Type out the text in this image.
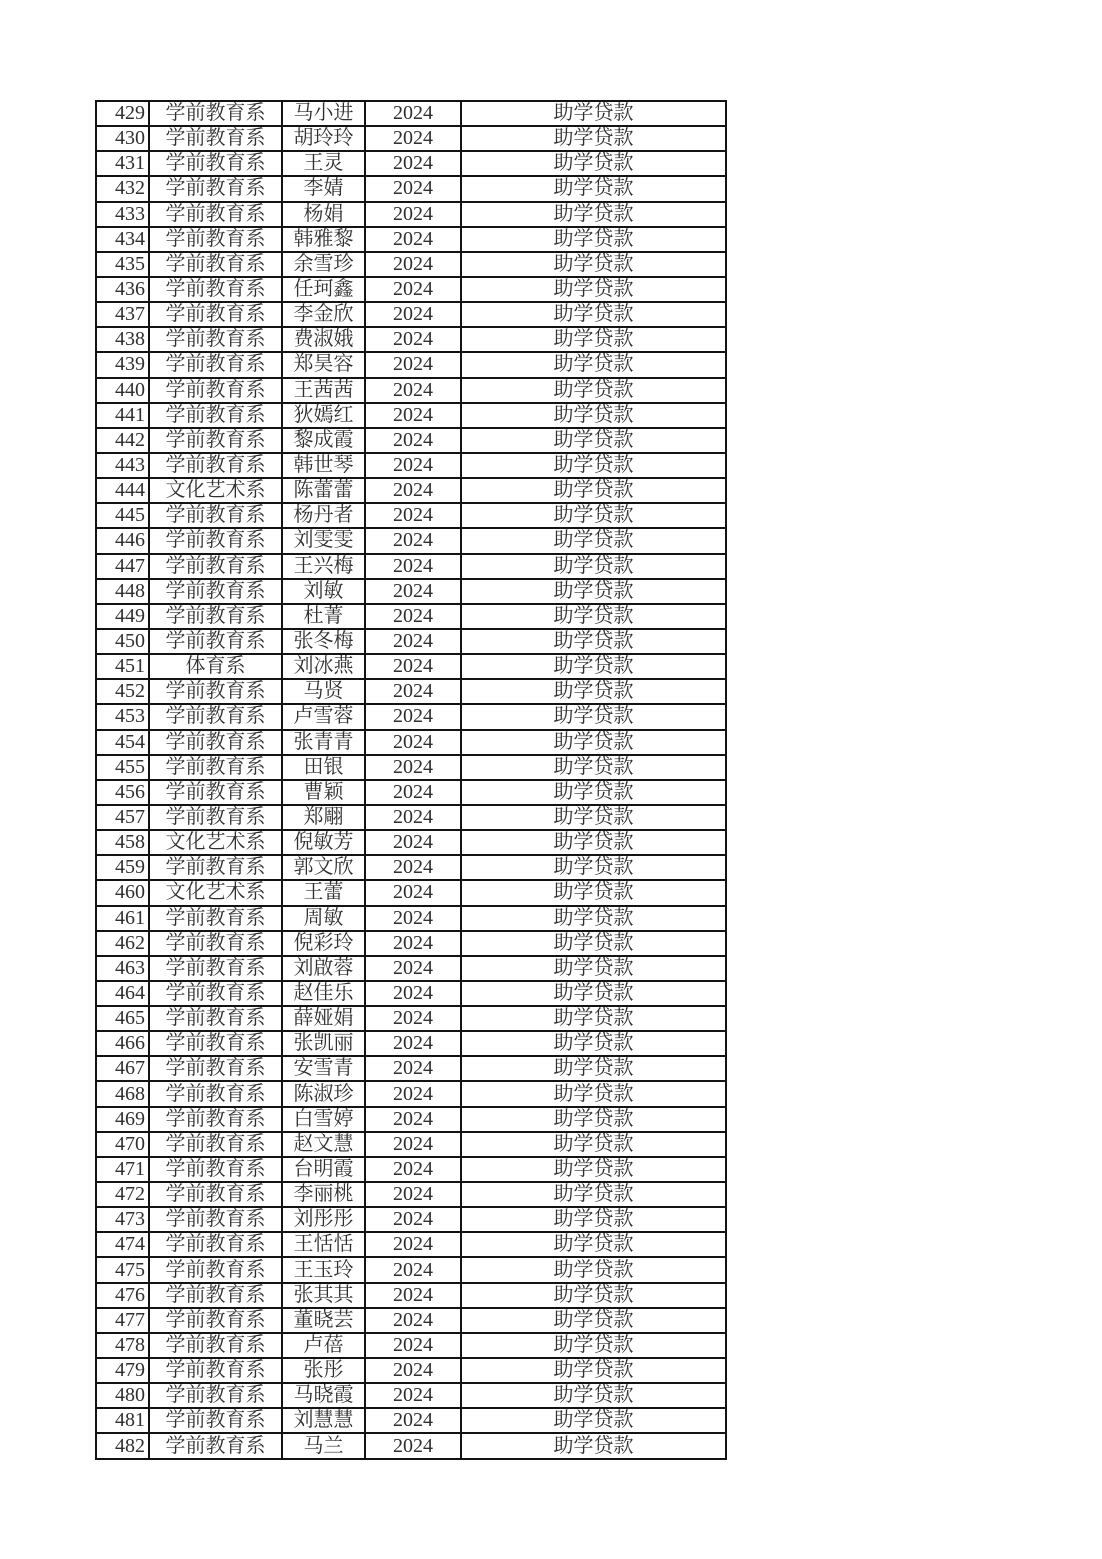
429	学前教育系	马小进	2024	助学贷款
430	学前教育系	胡玲玲	2024	助学贷款
431	学前教育系	王灵	2024	助学贷款
432	学前教育系	李婧	2024	助学贷款
433	学前教育系	杨娟	2024	助学贷款
434	学前教育系	韩雅黎	2024	助学贷款
435	学前教育系	余雪珍	2024	助学贷款
436	学前教育系	任珂鑫	2024	助学贷款
437	学前教育系	李金欣	2024	助学贷款
438	学前教育系	费淑娥	2024	助学贷款
439	学前教育系	郑昊容	2024	助学贷款
440	学前教育系	王茜茜	2024	助学贷款
441	学前教育系	狄嫣红	2024	助学贷款
442	学前教育系	黎成霞	2024	助学贷款
443	学前教育系	韩世琴	2024	助学贷款
444	文化艺术系	陈蕾蕾	2024	助学贷款
445	学前教育系	杨丹者	2024	助学贷款
446	学前教育系	刘雯雯	2024	助学贷款
447	学前教育系	王兴梅	2024	助学贷款
448	学前教育系	刘敏	2024	助学贷款
449	学前教育系	杜菁	2024	助学贷款
450	学前教育系	张冬梅	2024	助学贷款
451	体育系	刘冰燕	2024	助学贷款
452	学前教育系	马贤	2024	助学贷款
453	学前教育系	卢雪蓉	2024	助学贷款
454	学前教育系	张青青	2024	助学贷款
455	学前教育系	田银	2024	助学贷款
456	学前教育系	曹颖	2024	助学贷款
457	学前教育系	郑翢	2024	助学贷款
458	文化艺术系	倪敏芳	2024	助学贷款
459	学前教育系	郭文欣	2024	助学贷款
460	文化艺术系	王蕾	2024	助学贷款
461	学前教育系	周敏	2024	助学贷款
462	学前教育系	倪彩玲	2024	助学贷款
463	学前教育系	刘啟蓉	2024	助学贷款
464	学前教育系	赵佳乐	2024	助学贷款
465	学前教育系	薛娅娟	2024	助学贷款
466	学前教育系	张凯丽	2024	助学贷款
467	学前教育系	安雪青	2024	助学贷款
468	学前教育系	陈淑珍	2024	助学贷款
469	学前教育系	白雪婷	2024	助学贷款
470	学前教育系	赵文慧	2024	助学贷款
471	学前教育系	台明霞	2024	助学贷款
472	学前教育系	李丽桃	2024	助学贷款
473	学前教育系	刘彤彤	2024	助学贷款
474	学前教育系	王恬恬	2024	助学贷款
475	学前教育系	王玉玲	2024	助学贷款
476	学前教育系	张其其	2024	助学贷款
477	学前教育系	董晓芸	2024	助学贷款
478	学前教育系	卢蓓	2024	助学贷款
479	学前教育系	张彤	2024	助学贷款
480	学前教育系	马晓霞	2024	助学贷款
481	学前教育系	刘慧慧	2024	助学贷款
482	学前教育系	马兰	2024	助学贷款
